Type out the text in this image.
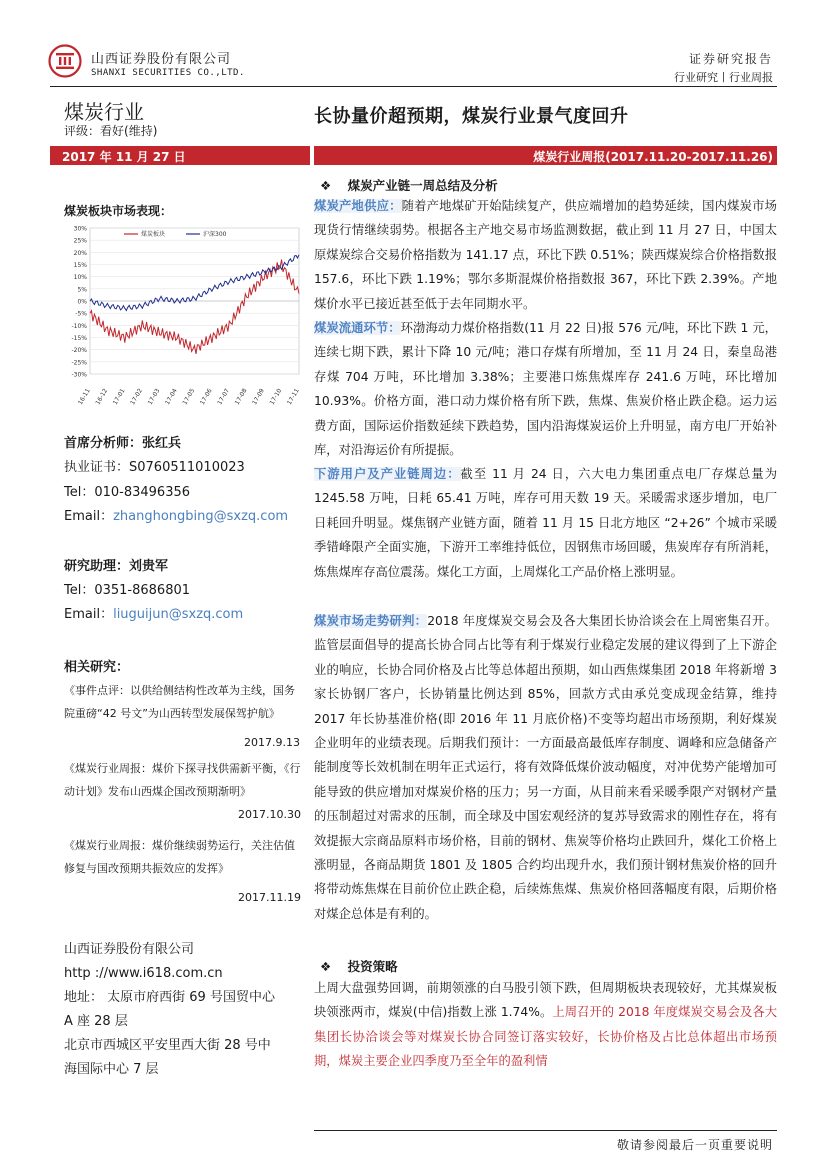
山西证券股份有限公司
SHANXI SECURITIES CO.,LTD.
证券研究报告
行业研究丨行业周报
煤炭行业
评级：看好(维持)
长协量价超预期，煤炭行业景气度回升
2017 年 11 月 27 日	煤炭行业周报(2017.11.20-2017.11.26)
煤炭板块市场表现：
30%
25%
20%
15%
10%
5%
0%
-5%
-10%
-15%
-20%
-25%
-30%
16-11 16-12 17-01 17-02 17-03 17-04 17-05 17-06 17-07 17-08 17-09 17-10 17-11
煤炭板块	沪深300
首席分析师：张红兵
执业证书：S0760511010023
Tel：010-83496356
Email：zhanghongbing@sxzq.com
研究助理：刘贵军
Tel：0351-8686801
Email：liuguijun@sxzq.com
相关研究：
《事件点评：以供给侧结构性改革为主线，国务院重磅“42 号文”为山西转型发展保驾护航》
2017.9.13
《煤炭行业周报：煤价下探寻找供需新平衡，《行动计划》发布山西煤企国改预期渐明》
2017.10.30
《煤炭行业周报：煤价继续弱势运行，关注估值修复与国改预期共振效应的发挥》
2017.11.19
山西证券股份有限公司
http ://www.i618.com.cn
地址： 太原市府西街 69 号国贸中心
A 座 28 层
北京市西城区平安里西大街 28 号中
海国际中心 7 层
❖ 煤炭产业链一周总结及分析
煤炭产地供应：随着产地煤矿开始陆续复产，供应端增加的趋势延续，国内煤炭市场现货行情继续弱势。根据各主产地交易市场监测数据，截止到 11 月 27 日，中国太原煤炭综合交易价格指数为 141.17 点，环比下跌 0.51%；陕西煤炭综合价格指数报 157.6，环比下跌 1.19%；鄂尔多斯混煤价格指数报 367，环比下跌 2.39%。产地煤价水平已接近甚至低于去年同期水平。
煤炭流通环节：环渤海动力煤价格指数(11 月 22 日)报 576 元/吨，环比下跌 1 元，连续七期下跌，累计下降 10 元/吨；港口存煤有所增加，至 11 月 24 日，秦皇岛港存煤 704 万吨，环比增加 3.38%；主要港口炼焦煤库存 241.6 万吨，环比增加 10.93%。价格方面，港口动力煤价格有所下跌，焦煤、焦炭价格止跌企稳。运力运费方面，国际运价指数延续下跌趋势，国内沿海煤炭运价上升明显，南方电厂开始补库，对沿海运价有所提振。
下游用户及产业链周边：截至 11 月 24 日，六大电力集团重点电厂存煤总量为 1245.58 万吨，日耗 65.41 万吨，库存可用天数 19 天。采暖需求逐步增加，电厂日耗回升明显。煤焦钢产业链方面，随着 11 月 15 日北方地区 “2+26” 个城市采暖季错峰限产全面实施，下游开工率维持低位，因钢焦市场回暖，焦炭库存有所消耗，炼焦煤库存高位震荡。煤化工方面，上周煤化工产品价格上涨明显。
煤炭市场走势研判：2018 年度煤炭交易会及各大集团长协洽谈会在上周密集召开。监管层面倡导的提高长协合同占比等有利于煤炭行业稳定发展的建议得到了上下游企业的响应，长协合同价格及占比等总体超出预期，如山西焦煤集团 2018 年将新增 3 家长协钢厂客户，长协销量比例达到 85%，回款方式由承兑变成现金结算，维持 2017 年长协基准价格(即 2016 年 11 月底价格)不变等均超出市场预期，利好煤炭企业明年的业绩表现。后期我们预计：一方面最高最低库存制度、调峰和应急储备产能制度等长效机制在明年正式运行，将有效降低煤价波动幅度，对冲优势产能增加可能导致的供应增加对煤炭价格的压力；另一方面，从目前来看采暖季限产对钢材产量的压制超过对需求的压制，而全球及中国宏观经济的复苏导致需求的刚性存在，将有效提振大宗商品原料市场价格，目前的钢材、焦炭等价格均止跌回升，煤化工价格上涨明显，各商品期货 1801 及 1805 合约均出现升水，我们预计钢材焦炭价格的回升将带动炼焦煤在目前价位止跌企稳，后续炼焦煤、焦炭价格回落幅度有限，后期价格对煤企总体是有利的。
❖ 投资策略
上周大盘强势回调，前期领涨的白马股引领下跌，但周期板块表现较好，尤其煤炭板块领涨两市，煤炭(中信)指数上涨 1.74%。上周召开的 2018 年度煤炭交易会及各大集团长协洽谈会等对煤炭长协合同签订落实较好，长协价格及占比总体超出市场预期，煤炭主要企业四季度乃至全年的盈利情
敬请参阅最后一页重要说明
